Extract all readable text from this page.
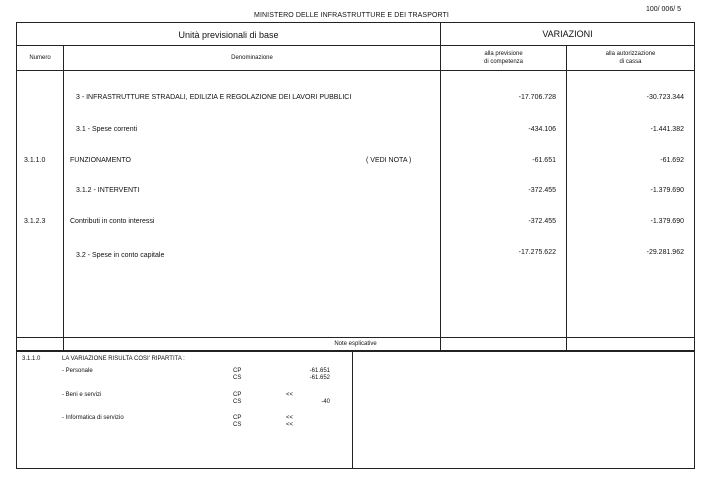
MINISTERO DELLE INFRASTRUTTURE E DEI TRASPORTI
100/ 006/ 5
Unità previsionali di base	VARIAZIONI
Numero	Denominazione
alla previsione
di competenza
alla autorizzazione
di cassa
3 - INFRASTRUTTURE STRADALI, EDILIZIA E REGOLAZIONE DEI LAVORI PUBBLICI	-17.706.728	-30.723.344
3.1 - Spese correnti	-434.106	-1.441.382
3.1.1.0	FUNZIONAMENTO	( VEDI NOTA )	-61.651	-61.692
3.1.2 - INTERVENTI	-372.455	-1.379.690
3.1.2.3	Contributi in conto interessi	-372.455	-1.379.690
3.2 - Spese in conto capitale	-17.275.622	-29.281.962
Note esplicative
3.1.1.0	LA VARIAZIONE RISULTA COSI' RIPARTITA :
- Personale	CP	-61.651
CS	-61.652
- Beni e servizi	CP	<<
CS	-40
- Informatica di servizio	CP	<<
CS	<<
